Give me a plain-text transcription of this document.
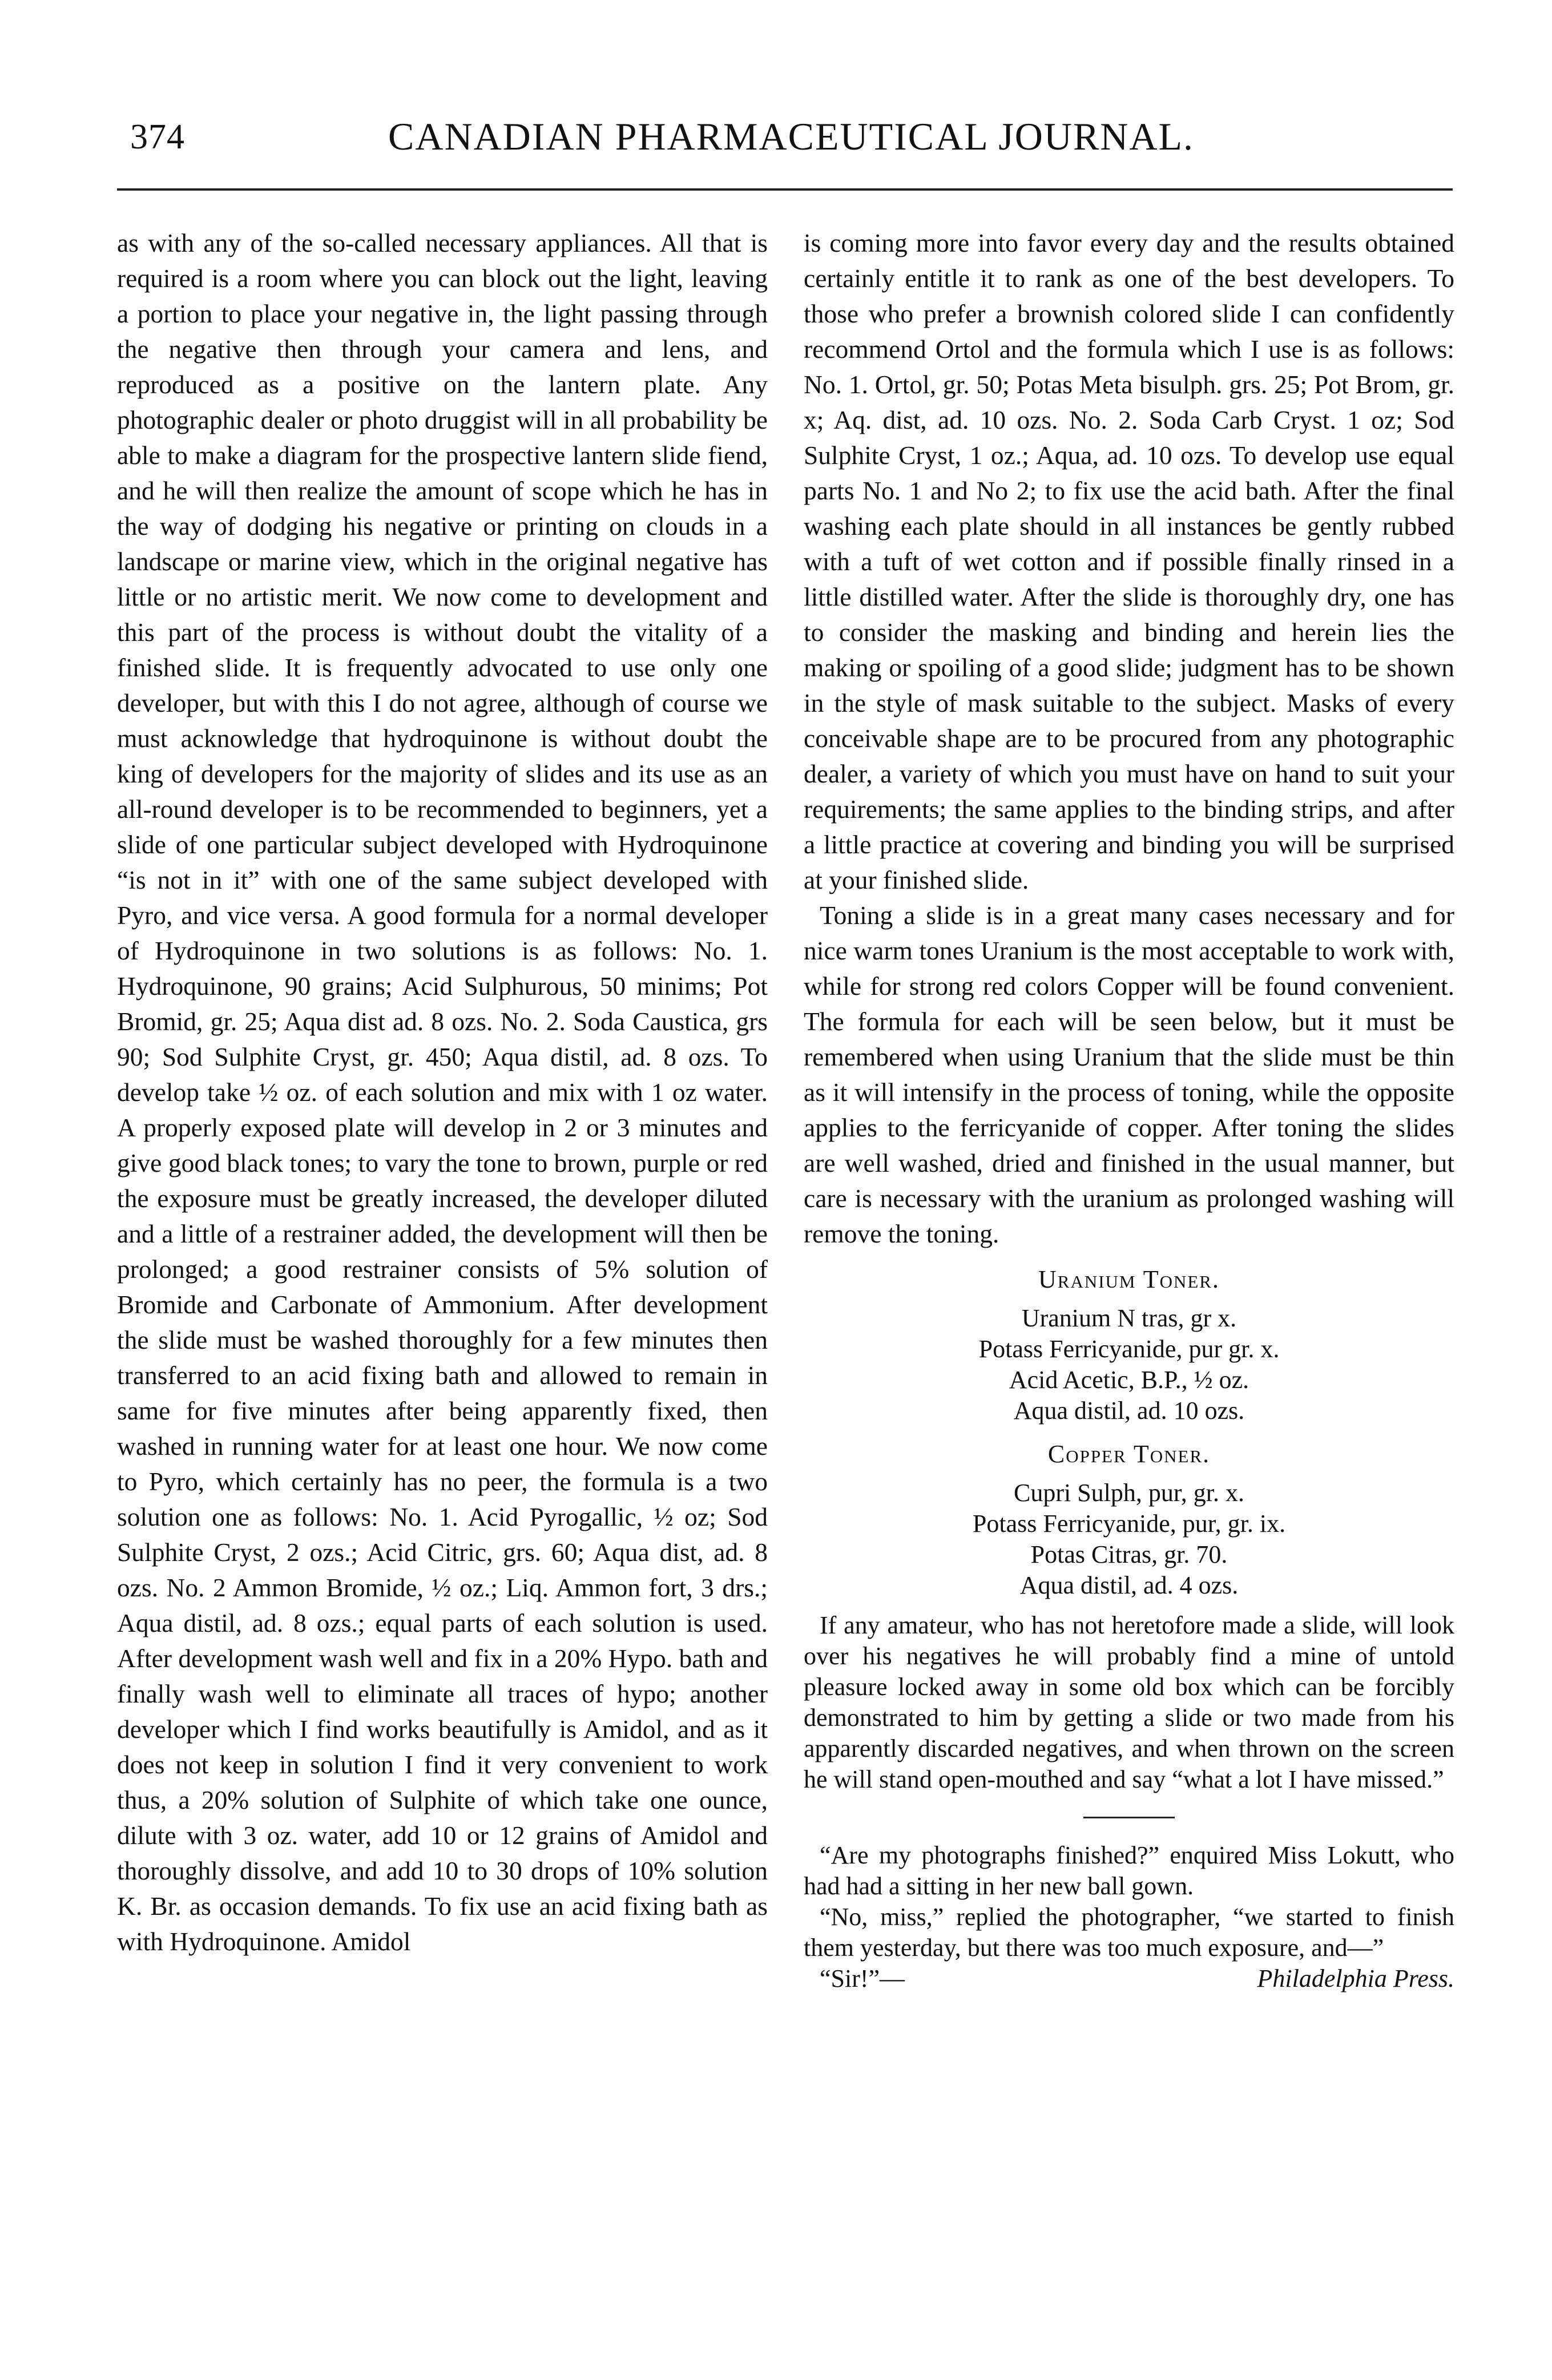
374	CANADIAN PHARMACEUTICAL JOURNAL.

as with any of the so-called necessary appliances. All that is required is a room where you can block out the light, leaving a portion to place your negative in, the light passing through the negative then through your camera and lens, and reproduced as a positive on the lantern plate. Any photographic dealer or photo druggist will in all probability be able to make a diagram for the prospective lantern slide fiend, and he will then realize the amount of scope which he has in the way of dodging his negative or printing on clouds in a landscape or marine view, which in the original negative has little or no artistic merit. We now come to development and this part of the process is without doubt the vitality of a finished slide. It is frequently advocated to use only one developer, but with this I do not agree, although of course we must acknowledge that hydroquinone is without doubt the king of developers for the majority of slides and its use as an all-round developer is to be recommended to beginners, yet a slide of one particular subject developed with Hydroquinone “is not in it” with one of the same subject developed with Pyro, and vice versa. A good formula for a normal developer of Hydroquinone in two solutions is as follows: No. 1. Hydroquinone, 90 grains; Acid Sulphurous, 50 minims; Pot Bromid, gr. 25; Aqua dist ad. 8 ozs. No. 2. Soda Caustica, grs 90; Sod Sulphite Cryst, gr. 450; Aqua distil, ad. 8 ozs. To develop take ½ oz. of each solution and mix with 1 oz water. A properly exposed plate will develop in 2 or 3 minutes and give good black tones; to vary the tone to brown, purple or red the exposure must be greatly increased, the developer diluted and a little of a restrainer added, the development will then be prolonged; a good restrainer consists of 5% solution of Bromide and Carbonate of Ammonium. After development the slide must be washed thoroughly for a few minutes then transferred to an acid fixing bath and allowed to remain in same for five minutes after being apparently fixed, then washed in running water for at least one hour. We now come to Pyro, which certainly has no peer, the formula is a two solution one as follows: No. 1. Acid Pyrogallic, ½ oz; Sod Sulphite Cryst, 2 ozs.; Acid Citric, grs. 60; Aqua dist, ad. 8 ozs. No. 2 Ammon Bromide, ½ oz.; Liq. Ammon fort, 3 drs.; Aqua distil, ad. 8 ozs.; equal parts of each solution is used. After development wash well and fix in a 20% Hypo. bath and finally wash well to eliminate all traces of hypo; another developer which I find works beautifully is Amidol, and as it does not keep in solution I find it very convenient to work thus, a 20% solution of Sulphite of which take one ounce, dilute with 3 oz. water, add 10 or 12 grains of Amidol and thoroughly dissolve, and add 10 to 30 drops of 10% solution K. Br. as occasion demands. To fix use an acid fixing bath as with Hydroquinone. Amidol

is coming more into favor every day and the results obtained certainly entitle it to rank as one of the best developers. To those who prefer a brownish colored slide I can confidently recommend Ortol and the formula which I use is as follows: No. 1. Ortol, gr. 50; Potas Meta bisulph. grs. 25; Pot Brom, gr. x; Aq. dist, ad. 10 ozs. No. 2. Soda Carb Cryst. 1 oz; Sod Sulphite Cryst, 1 oz.; Aqua, ad. 10 ozs. To develop use equal parts No. 1 and No 2; to fix use the acid bath. After the final washing each plate should in all instances be gently rubbed with a tuft of wet cotton and if possible finally rinsed in a little distilled water. After the slide is thoroughly dry, one has to consider the masking and binding and herein lies the making or spoiling of a good slide; judgment has to be shown in the style of mask suitable to the subject. Masks of every conceivable shape are to be procured from any photographic dealer, a variety of which you must have on hand to suit your requirements; the same applies to the binding strips, and after a little practice at covering and binding you will be surprised at your finished slide.

Toning a slide is in a great many cases necessary and for nice warm tones Uranium is the most acceptable to work with, while for strong red colors Copper will be found convenient. The formula for each will be seen below, but it must be remembered when using Uranium that the slide must be thin as it will intensify in the process of toning, while the opposite applies to the ferricyanide of copper. After toning the slides are well washed, dried and finished in the usual manner, but care is necessary with the uranium as prolonged washing will remove the toning.

Uranium Toner.
Uranium N tras, gr x.
Potass Ferricyanide, pur gr. x.
Acid Acetic, B.P., ½ oz.
Aqua distil, ad. 10 ozs.
Copper Toner.
Cupri Sulph, pur, gr. x.
Potass Ferricyanide, pur, gr. ix.
Potas Citras, gr. 70.
Aqua distil, ad. 4 ozs.

If any amateur, who has not heretofore made a slide, will look over his negatives he will probably find a mine of untold pleasure locked away in some old box which can be forcibly demonstrated to him by getting a slide or two made from his apparently discarded negatives, and when thrown on the screen he will stand open-mouthed and say “what a lot I have missed.”

“Are my photographs finished?” enquired Miss Lokutt, who had had a sitting in her new ball gown.

“No, miss,” replied the photographer, “we started to finish them yesterday, but there was too much exposure, and—”

“Sir!”—	Philadelphia Press.
